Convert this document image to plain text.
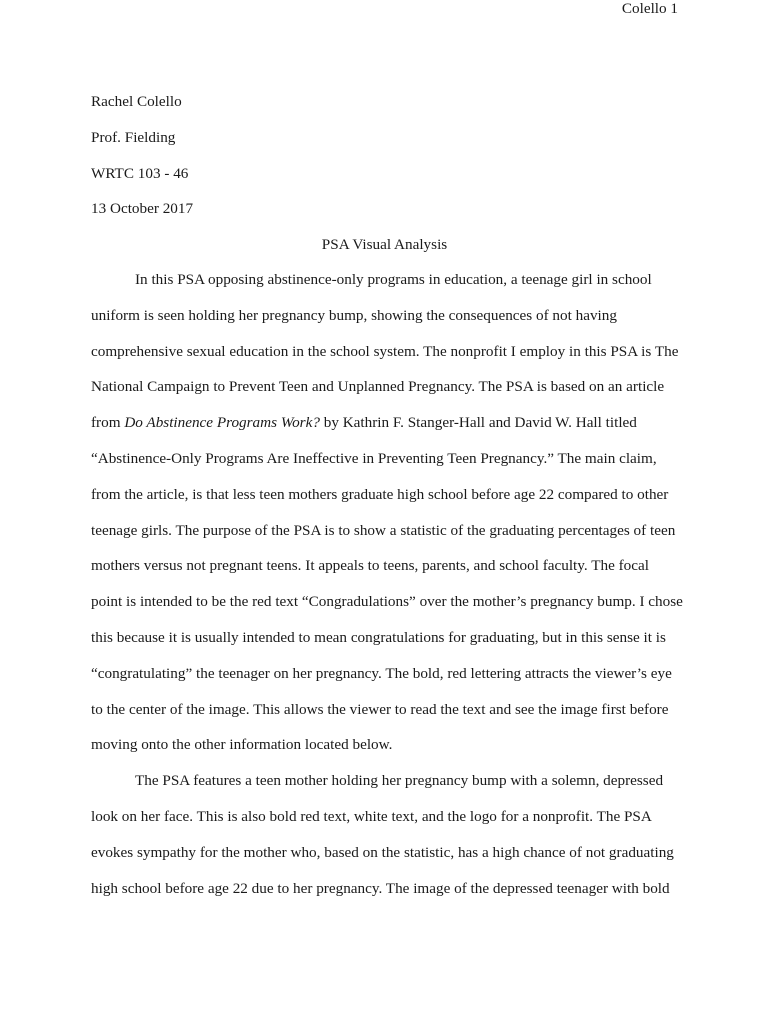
Colello 1
Rachel Colello
Prof. Fielding
WRTC 103 - 46
13 October 2017
PSA Visual Analysis
In this PSA opposing abstinence-only programs in education, a teenage girl in school
uniform is seen holding her pregnancy bump, showing the consequences of not having
comprehensive sexual education in the school system. The nonprofit I employ in this PSA is The
National Campaign to Prevent Teen and Unplanned Pregnancy. The PSA is based on an article
from Do Abstinence Programs Work? by Kathrin F. Stanger-Hall and David W. Hall titled
“Abstinence-Only Programs Are Ineffective in Preventing Teen Pregnancy.” The main claim,
from the article, is that less teen mothers graduate high school before age 22 compared to other
teenage girls. The purpose of the PSA is to show a statistic of the graduating percentages of teen
mothers versus not pregnant teens. It appeals to teens, parents, and school faculty. The focal
point is intended to be the red text “Congradulations” over the mother’s pregnancy bump. I chose
this because it is usually intended to mean congratulations for graduating, but in this sense it is
“congratulating” the teenager on her pregnancy. The bold, red lettering attracts the viewer’s eye
to the center of the image. This allows the viewer to read the text and see the image first before
moving onto the other information located below.
The PSA features a teen mother holding her pregnancy bump with a solemn, depressed
look on her face. This is also bold red text, white text, and the logo for a nonprofit. The PSA
evokes sympathy for the mother who, based on the statistic, has a high chance of not graduating
high school before age 22 due to her pregnancy. The image of the depressed teenager with bold
